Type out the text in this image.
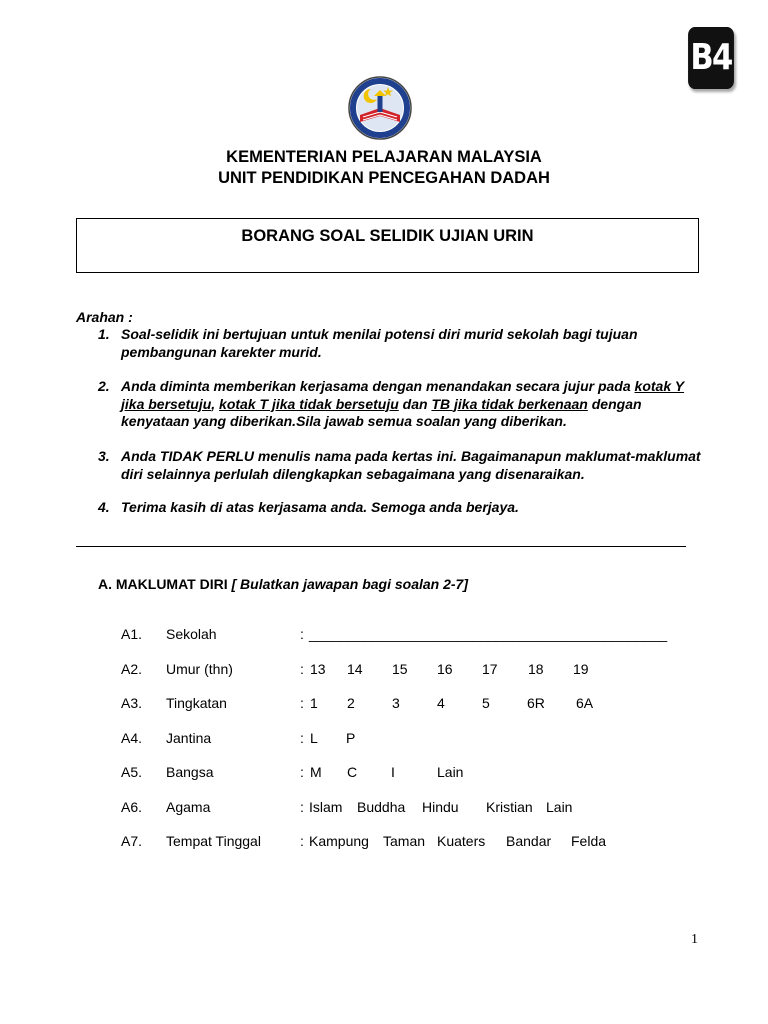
B4
KEMENTERIAN PELAJARAN MALAYSIA
UNIT PENDIDIKAN PENCEGAHAN DADAH
BORANG SOAL SELIDIK UJIAN URIN
Arahan :
1. Soal-selidik ini bertujuan untuk menilai potensi diri murid sekolah bagi tujuan pembangunan karekter murid.
2. Anda diminta memberikan kerjasama dengan menandakan secara jujur pada kotak Y jika bersetuju, kotak T jika tidak bersetuju dan TB jika tidak berkenaan dengan kenyataan yang diberikan.Sila jawab semua soalan yang diberikan.
3. Anda TIDAK PERLU menulis nama pada kertas ini. Bagaimanapun maklumat-maklumat diri selainnya perlulah dilengkapkan sebagaimana yang disenaraikan.
4. Terima kasih di atas kerjasama anda. Semoga anda berjaya.
A. MAKLUMAT DIRI [ Bulatkan jawapan bagi soalan 2-7]
A1. Sekolah	: ______________________________________________
A2. Umur (thn)	: 13 14 15 16 17 18 19
A3. Tingkatan	: 1 2	3	4	5	6R 6A
A4. Jantina	: L P
A5. Bangsa	: M C I	Lain
A6. Agama	: Islam Buddha Hindu Kristian Lain
A7. Tempat Tinggal	: Kampung Taman Kuaters Bandar Felda
1
